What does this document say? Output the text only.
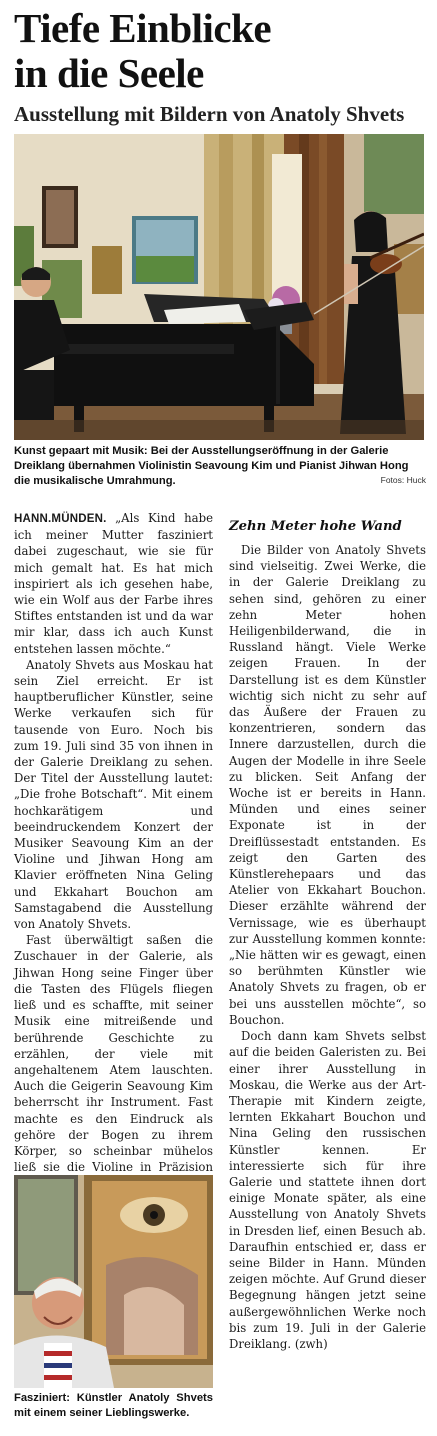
Tiefe Einblicke
in die Seele
Ausstellung mit Bildern von Anatoly Shvets
Kunst gepaart mit Musik: Bei der Ausstellungseröffnung in der Galerie Dreiklang übernahmen Violinistin Seavoung Kim und Pianist Jihwan Hong die musikalische Umrahmung.	Fotos: Huck

HANN.MÜNDEN. „Als Kind habe ich meiner Mutter fasziniert dabei zugeschaut, wie sie für mich gemalt hat. Es hat mich inspiriert als ich gesehen habe, wie ein Wolf aus der Farbe ihres Stiftes entstanden ist und da war mir klar, dass ich auch Kunst entstehen lassen möchte.“

Anatoly Shvets aus Moskau hat sein Ziel erreicht. Er ist hauptberuflicher Künstler, seine Werke verkaufen sich für tausende von Euro. Noch bis zum 19. Juli sind 35 von ihnen in der Galerie Dreiklang zu sehen. Der Titel der Ausstellung lautet: „Die frohe Botschaft“. Mit einem hochkarätigem und beeindruckendem Konzert der Musiker Seavoung Kim an der Violine und Jihwan Hong am Klavier eröffneten Nina Geling und Ekkahart Bouchon am Samstagabend die Ausstellung von Anatoly Shvets.

Fast überwältigt saßen die Zuschauer in der Galerie, als Jihwan Hong seine Finger über die Tasten des Flügels fliegen ließ und es schaffte, mit seiner Musik eine mitreißende und berührende Geschichte zu erzählen, der viele mit angehaltenem Atem lauschten. Auch die Geigerin Seavoung Kim beherrscht ihr Instrument. Fast machte es den Eindruck als gehöre der Bogen zu ihrem Körper, so scheinbar mühelos ließ sie die Violine in Präzision

Zehn Meter hohe Wand

Die Bilder von Anatoly Shvets sind vielseitig. Zwei Werke, die in der Galerie Dreiklang zu sehen sind, gehören zu einer zehn Meter hohen Heiligenbilderwand, die in Russland hängt. Viele Werke zeigen Frauen. In der Darstellung ist es dem Künstler wichtig sich nicht zu sehr auf das Äußere der Frauen zu konzentrieren, sondern das Innere darzustellen, durch die Augen der Modelle in ihre Seele zu blicken. Seit Anfang der Woche ist er bereits in Hann. Münden und eines seiner Exponate ist in der Dreiflüssestadt entstanden. Es zeigt den Garten des Künstlerehepaars und das Atelier von Ekkahart Bouchon. Dieser erzählte während der Vernissage, wie es überhaupt zur Ausstellung kommen konnte: „Nie hätten wir es gewagt, einen so berühmten Künstler wie Anatoly Shvets zu fragen, ob er bei uns ausstellen möchte“, so Bouchon.

Doch dann kam Shvets selbst auf die beiden Galeristen zu. Bei einer ihrer Ausstellung in Moskau, die Werke aus der Art-Therapie mit Kindern zeigte, lernten Ekkahart Bouchon und Nina Geling den russischen Künstler kennen. Er interessierte sich für ihre Galerie und stattete ihnen dort einige Monate später, als eine Ausstellung von Anatoly Shvets in Dresden lief, einen Besuch ab. Daraufhin entschied er, dass er seine Bilder in Hann. Münden zeigen möchte. Auf Grund dieser Begegnung hängen jetzt seine außergewöhnlichen Werke noch bis zum 19. Juli in der Galerie Dreiklang. (zwh)

Fasziniert: Künstler Anatoly Shvets mit einem seiner Lieblingswerke.
